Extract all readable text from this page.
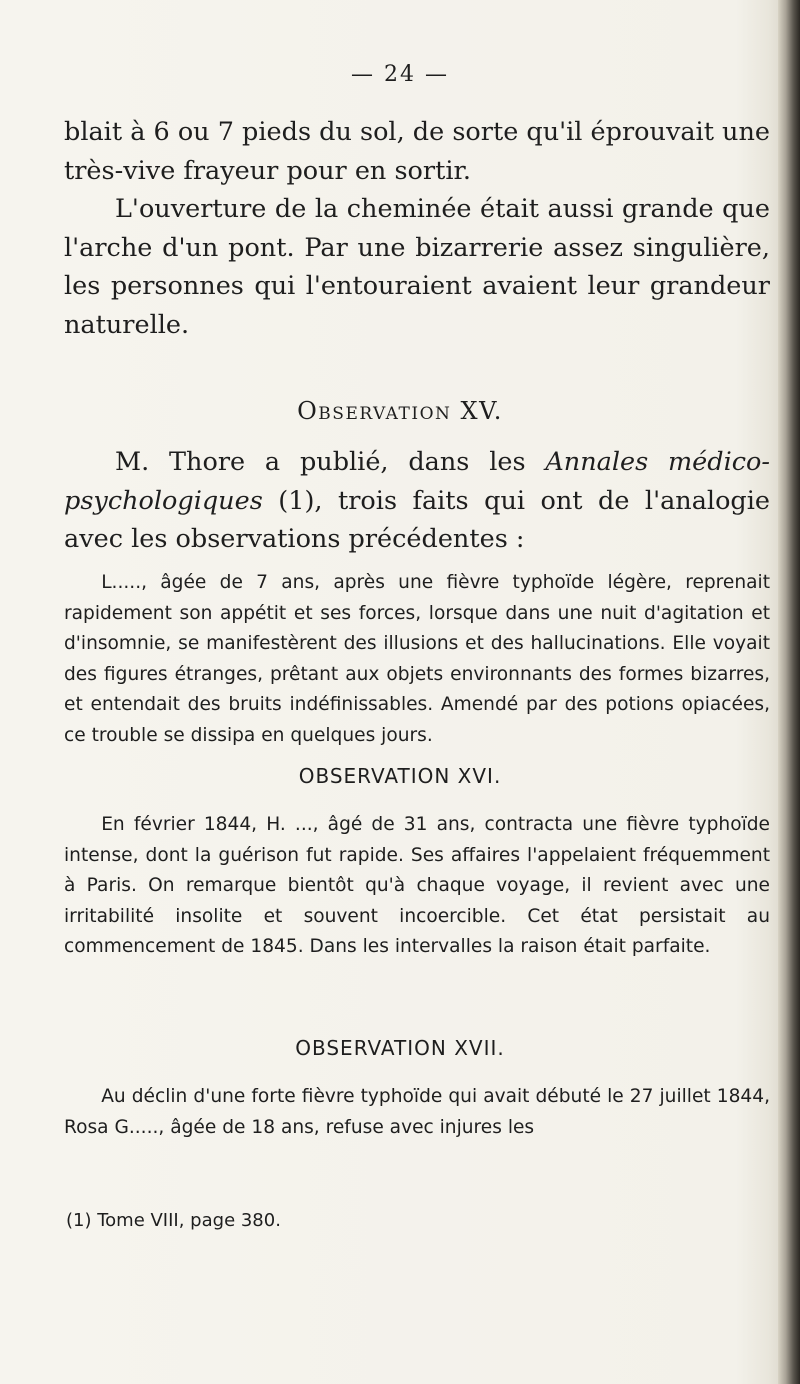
— 24 —

blait à 6 ou 7 pieds du sol, de sorte qu'il éprouvait une très-vive frayeur pour en sortir.

L'ouverture de la cheminée était aussi grande que l'arche d'un pont. Par une bizarrerie assez singulière, les personnes qui l'entouraient avaient leur grandeur naturelle.

Observation XV.

M. Thore a publié, dans les Annales médico-psychologiques (1), trois faits qui ont de l'analogie avec les observations précédentes :

L....., âgée de 7 ans, après une fièvre typhoïde légère, reprenait rapidement son appétit et ses forces, lorsque dans une nuit d'agitation et d'insomnie, se manifestèrent des illusions et des hallucinations. Elle voyait des figures étranges, prêtant aux objets environnants des formes bizarres, et entendait des bruits indéfinissables. Amendé par des potions opiacées, ce trouble se dissipa en quelques jours.

OBSERVATION XVI.

En février 1844, H. ..., âgé de 31 ans, contracta une fièvre typhoïde intense, dont la guérison fut rapide. Ses affaires l'appelaient fréquemment à Paris. On remarque bientôt qu'à chaque voyage, il revient avec une irritabilité insolite et souvent incoercible. Cet état persistait au commencement de 1845. Dans les intervalles la raison était parfaite.

OBSERVATION XVII.

Au déclin d'une forte fièvre typhoïde qui avait débuté le 27 juillet 1844, Rosa G....., âgée de 18 ans, refuse avec injures les

(1) Tome VIII, page 380.
